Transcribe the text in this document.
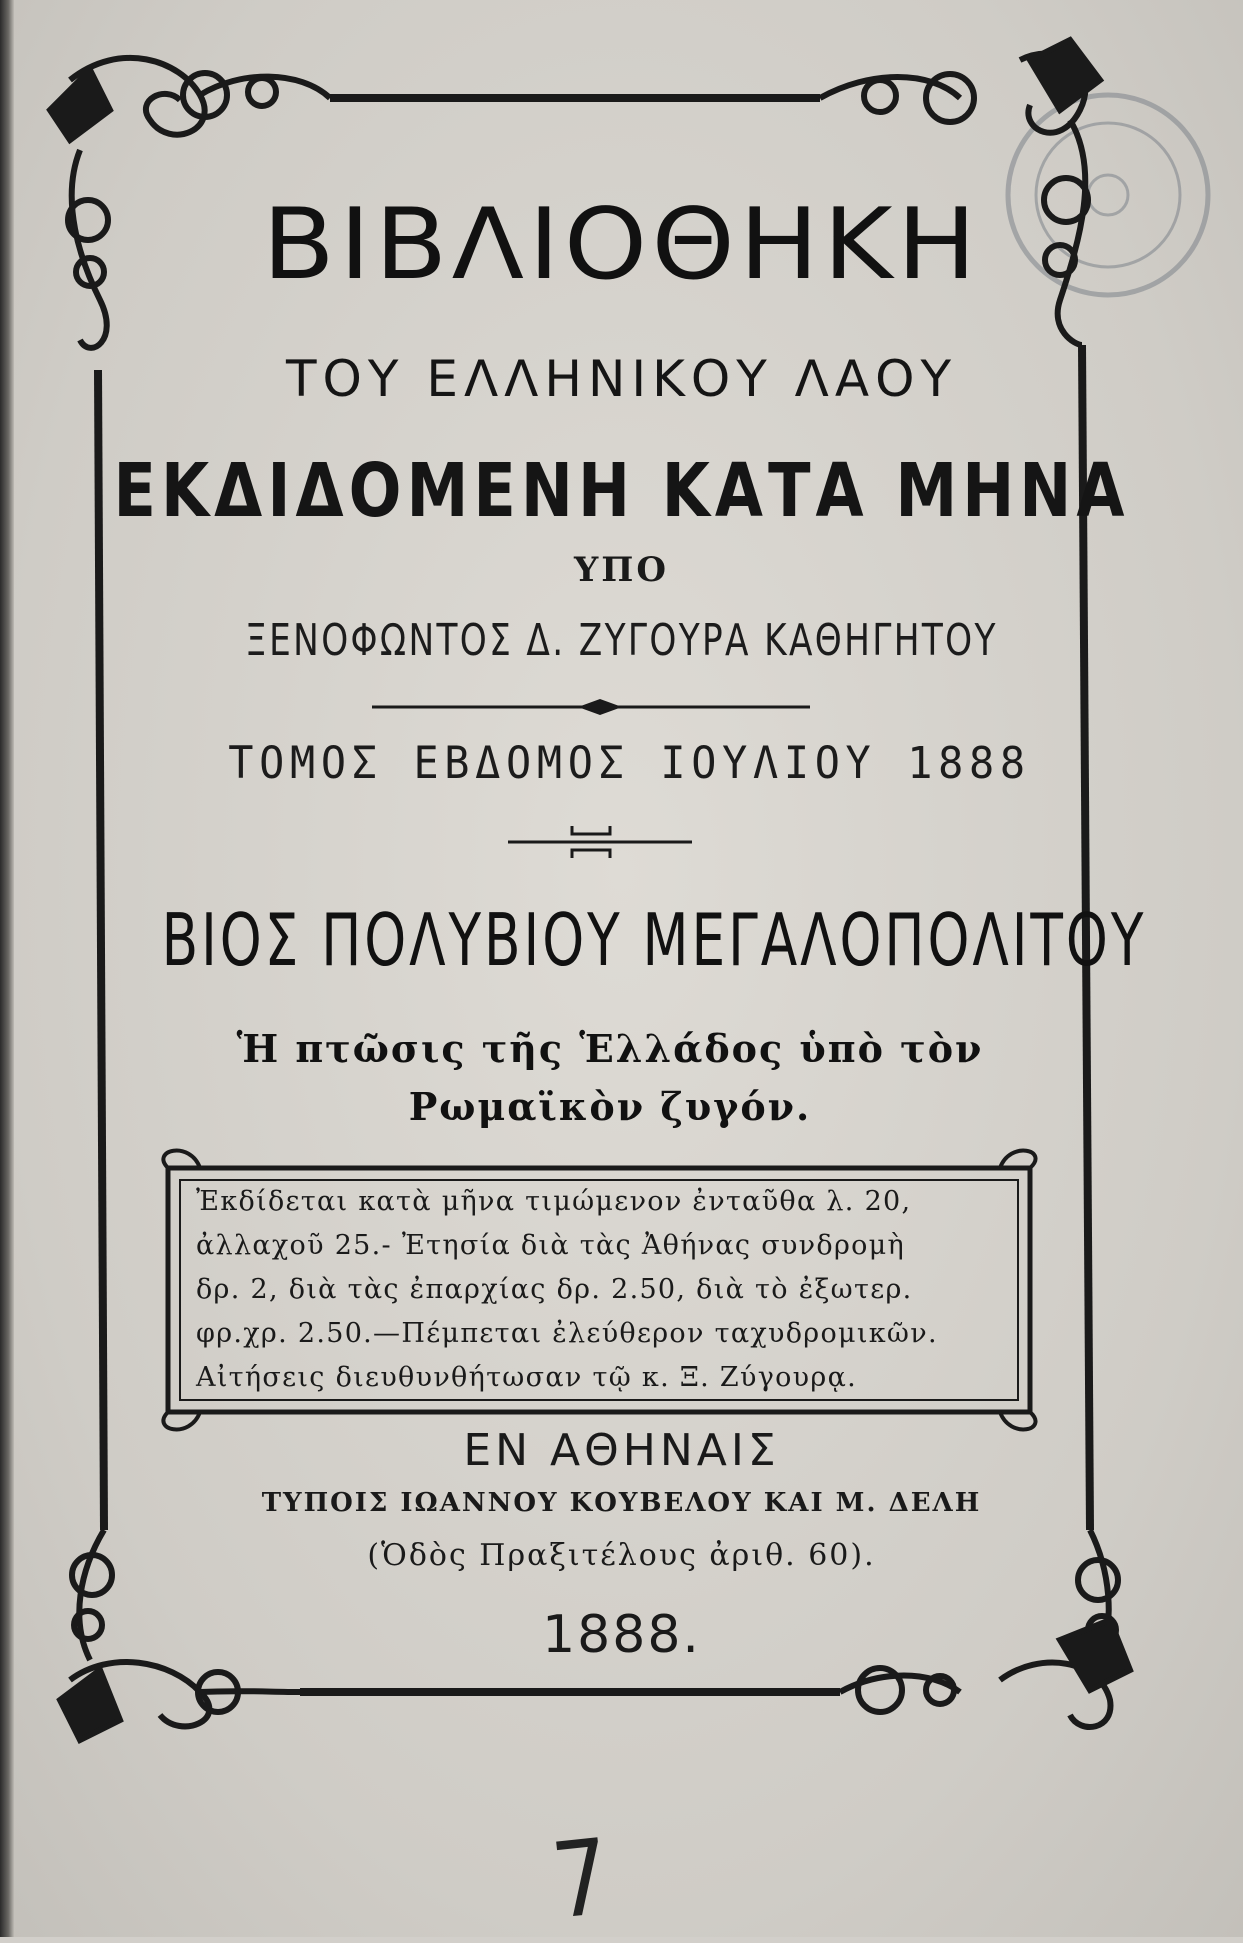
ΒΙΒΛΙΟΘΗΚΗ
ΤΟΥ ΕΛΛΗΝΙΚΟΥ ΛΑΟΥ
ΕΚΔΙΔΟΜΕΝΗ ΚΑΤΑ ΜΗΝΑ
ΥΠΟ
ΞΕΝΟΦΩΝΤΟΣ Δ. ΖΥΓΟΥΡΑ ΚΑΘΗΓΗΤΟΥ
ΤΟΜΟΣ ΕΒΔΟΜΟΣ ΙΟΥΛΙΟΥ 1888
ΒΙΟΣ ΠΟΛΥΒΙΟΥ ΜΕΓΑΛΟΠΟΛΙΤΟΥ
Ἡ πτῶσις τῆς Ἑλλάδος ὑπὸ τὸν Ρωμαϊκὸν ζυγόν.
Ἐκδίδεται κατὰ μῆνα τιμώμενον ἐνταῦθα λ. 20,
ἀλλαχοῦ 25.- Ἐτησία διὰ τὰς Ἀθήνας συνδρομὴ
δρ. 2, διὰ τὰς ἐπαρχίας δρ. 2.50, διὰ τὸ ἐξωτερ.
φρ.χρ. 2.50.—Πέμπεται ἐλεύθερον ταχυδρομικῶν.
Αἰτήσεις διευθυνθήτωσαν τῷ κ. Ξ. Ζύγουρᾳ.
ΕΝ ΑΘΗΝΑΙΣ
ΤΥΠΟΙΣ ΙΩΑΝΝΟΥ ΚΟΥΒΕΛΟΥ ΚΑΙ Μ. ΔΕΛΗ
(Ὁδὸς Πραξιτέλους ἀριθ. 60).
1888.
7
